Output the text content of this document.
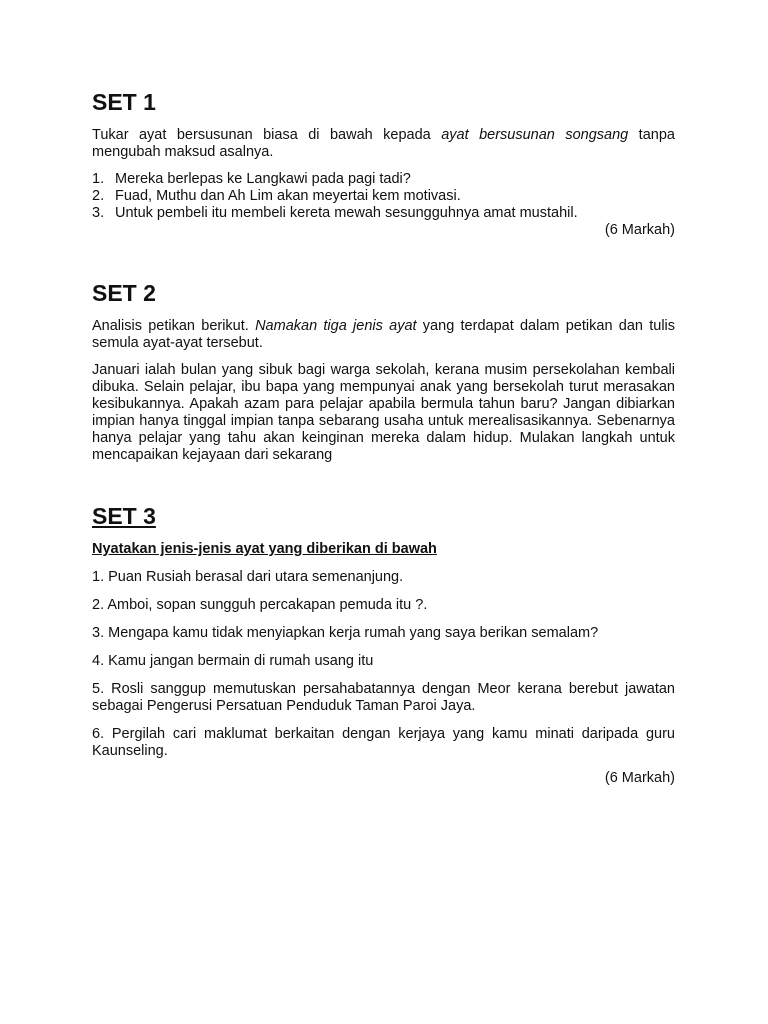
SET 1

Tukar ayat bersusunan biasa di bawah kepada ayat bersusunan songsang tanpa mengubah maksud asalnya.

1. Mereka berlepas ke Langkawi pada pagi tadi?
2. Fuad, Muthu dan Ah Lim akan meyertai kem motivasi.
3. Untuk pembeli itu membeli kereta mewah sesungguhnya amat mustahil.

(6 Markah)

SET 2

Analisis petikan berikut. Namakan tiga jenis ayat yang terdapat dalam petikan dan tulis semula ayat-ayat tersebut.

Januari ialah bulan yang sibuk bagi warga sekolah, kerana musim persekolahan kembali dibuka. Selain pelajar, ibu bapa yang mempunyai anak yang bersekolah turut merasakan kesibukannya. Apakah azam para pelajar apabila bermula tahun baru? Jangan dibiarkan impian hanya tinggal impian tanpa sebarang usaha untuk merealisasikannya. Sebenarnya hanya pelajar yang tahu akan keinginan mereka dalam hidup. Mulakan langkah untuk mencapaikan kejayaan dari sekarang

SET 3

Nyatakan jenis-jenis ayat yang diberikan di bawah

1. Puan Rusiah berasal dari utara semenanjung.

2. Amboi, sopan sungguh percakapan pemuda itu ?.

3. Mengapa kamu tidak menyiapkan kerja rumah yang saya berikan semalam?

4. Kamu jangan bermain di rumah usang itu

5. Rosli sanggup memutuskan persahabatannya dengan Meor kerana berebut jawatan sebagai Pengerusi Persatuan Penduduk Taman Paroi Jaya.

6. Pergilah cari maklumat berkaitan dengan kerjaya yang kamu minati daripada guru Kaunseling.

(6 Markah)
